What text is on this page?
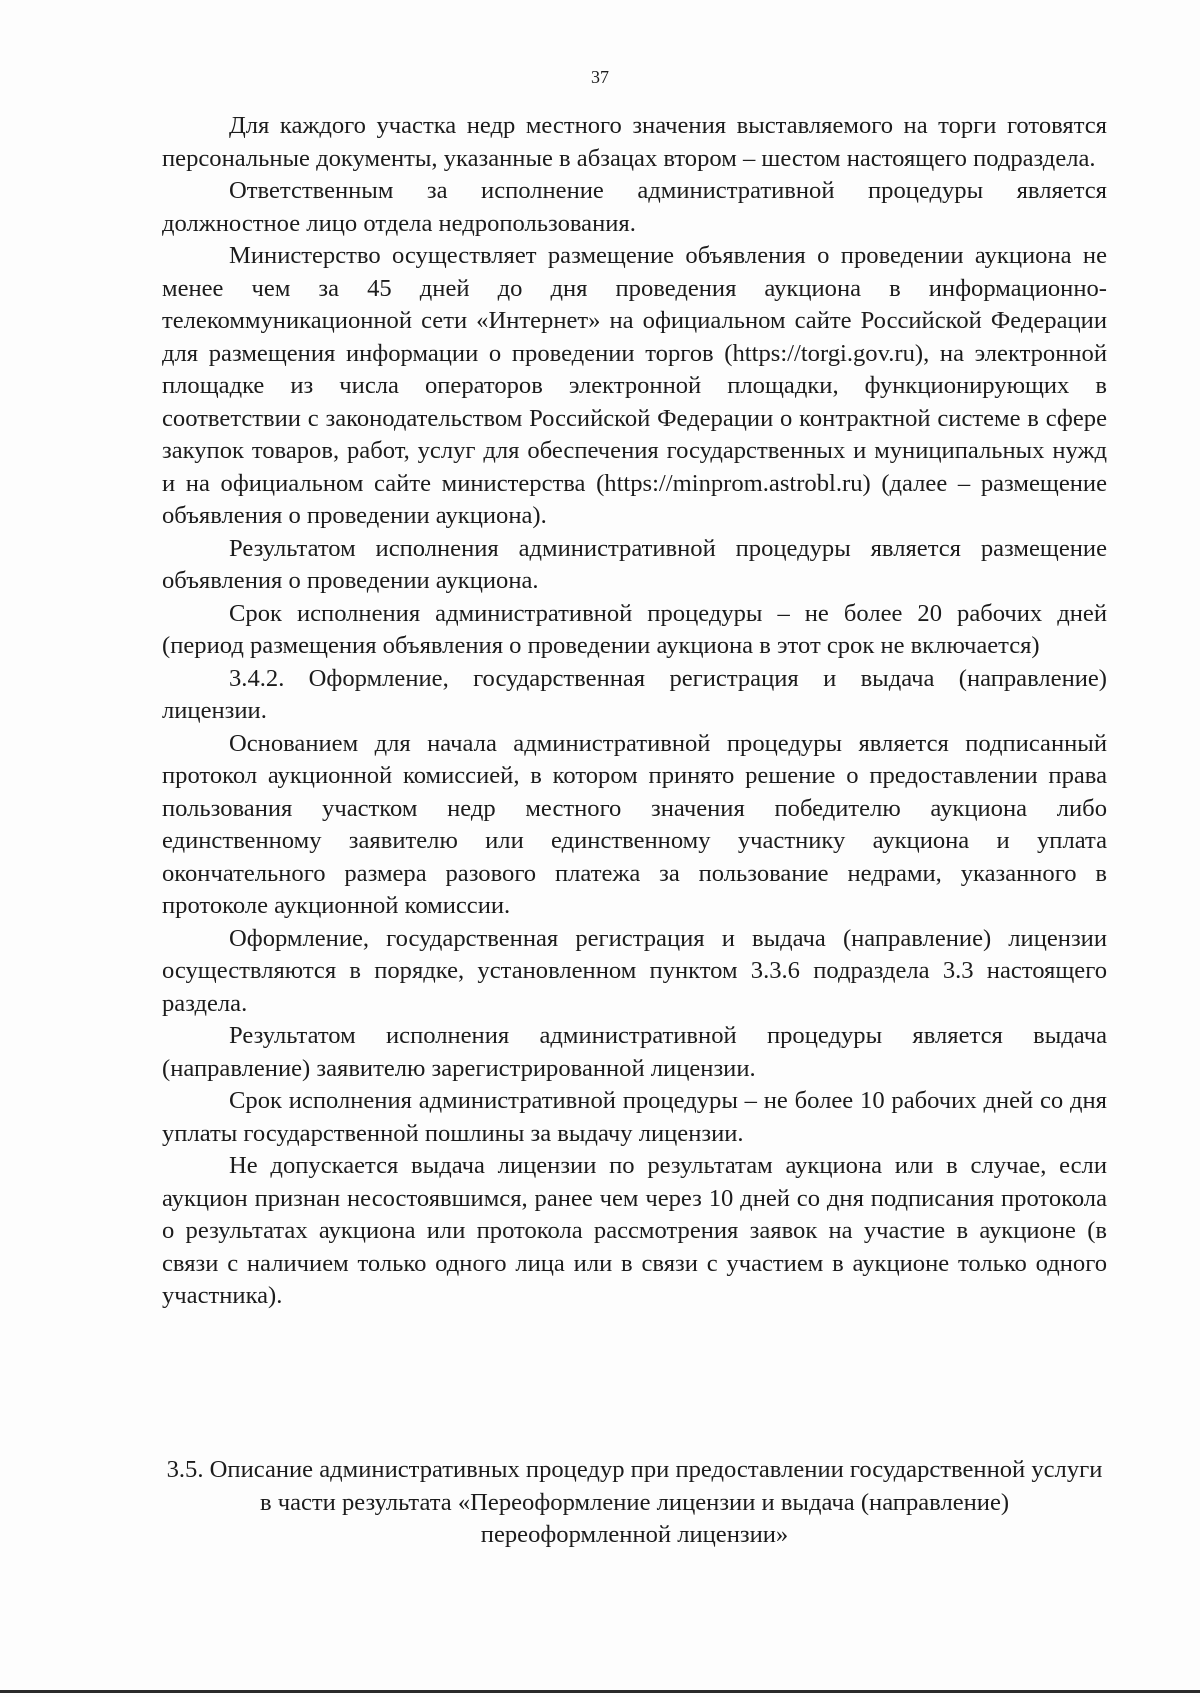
37

Для каждого участка недр местного значения выставляемого на торги готовятся персональные документы, указанные в абзацах втором – шестом настоящего подраздела.

Ответственным за исполнение административной процедуры является должностное лицо отдела недропользования.

Министерство осуществляет размещение объявления о проведении аукциона не менее чем за 45 дней до дня проведения аукциона в информационно-телекоммуникационной сети «Интернет» на официальном сайте Российской Федерации для размещения информации о проведении торгов (https://torgi.gov.ru), на электронной площадке из числа операторов электронной площадки, функционирующих в соответствии с законодательством Российской Федерации о контрактной системе в сфере закупок товаров, работ, услуг для обеспечения государственных и муниципальных нужд и на официальном сайте министерства (https://minprom.astrobl.ru) (далее – размещение объявления о проведении аукциона).

Результатом исполнения административной процедуры является размещение объявления о проведении аукциона.

Срок исполнения административной процедуры – не более 20 рабочих дней (период размещения объявления о проведении аукциона в этот срок не включается)

3.4.2. Оформление, государственная регистрация и выдача (направление) лицензии.

Основанием для начала административной процедуры является подписанный протокол аукционной комиссией, в котором принято решение о предоставлении права пользования участком недр местного значения победителю аукциона либо единственному заявителю или единственному участнику аукциона и уплата окончательного размера разового платежа за пользование недрами, указанного в протоколе аукционной комиссии.

Оформление, государственная регистрация и выдача (направление) лицензии осуществляются в порядке, установленном пунктом 3.3.6 подраздела 3.3 настоящего раздела.

Результатом исполнения административной процедуры является выдача (направление) заявителю зарегистрированной лицензии.

Срок исполнения административной процедуры – не более 10 рабочих дней со дня уплаты государственной пошлины за выдачу лицензии.

Не допускается выдача лицензии по результатам аукциона или в случае, если аукцион признан несостоявшимся, ранее чем через 10 дней со дня подписания протокола о результатах аукциона или протокола рассмотрения заявок на участие в аукционе (в связи с наличием только одного лица или в связи с участием в аукционе только одного участника).

3.5. Описание административных процедур при предоставлении государственной услуги в части результата «Переоформление лицензии и выдача (направление) переоформленной лицензии»
